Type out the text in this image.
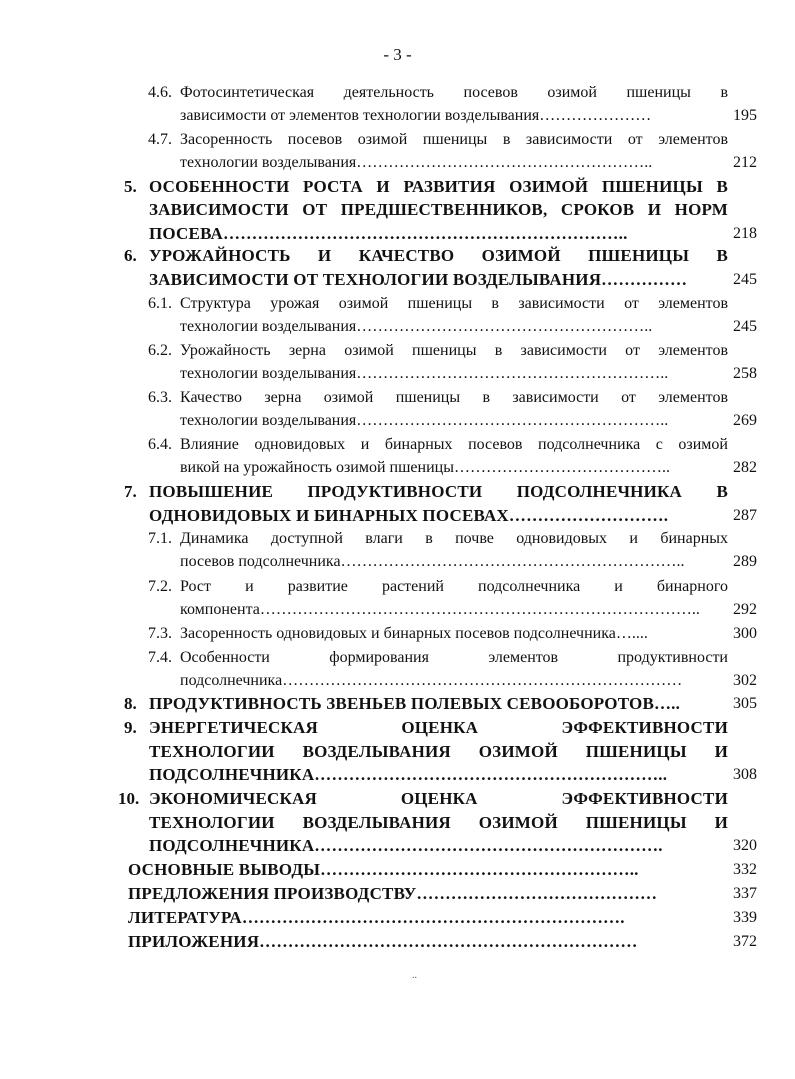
- 3 -
4.6. Фотосинтетическая деятельность посевов озимой пшеницы в
зависимости от элементов технологии возделывания…………………	195
4.7. Засоренность посевов озимой пшеницы в зависимости от элементов
технологии возделывания………………………………………………..	212
5. ОСОБЕННОСТИ РОСТА И РАЗВИТИЯ ОЗИМОЙ ПШЕНИЦЫ В
ЗАВИСИМОСТИ ОТ ПРЕДШЕСТВЕННИКОВ, СРОКОВ И НОРМ
ПОСЕВА……………………………………………………………..	218
6. УРОЖАЙНОСТЬ И КАЧЕСТВО ОЗИМОЙ ПШЕНИЦЫ В
ЗАВИСИМОСТИ ОТ ТЕХНОЛОГИИ ВОЗДЕЛЫВАНИЯ……………	245
6.1. Структура урожая озимой пшеницы в зависимости от элементов
технологии возделывания………………………………………………..	245
6.2. Урожайность зерна озимой пшеницы в зависимости от элементов
технологии возделывания…………………………………………………..	258
6.3. Качество зерна озимой пшеницы в зависимости от элементов
технологии возделывания…………………………………………………..	269
6.4. Влияние одновидовых и бинарных посевов подсолнечника с озимой
викой на урожайность озимой пшеницы…………………………………..	282
7. ПОВЫШЕНИЕ ПРОДУКТИВНОСТИ ПОДСОЛНЕЧНИКА В
ОДНОВИДОВЫХ И БИНАРНЫХ ПОСЕВАХ……………………….	287
7.1. Динамика доступной влаги в почве одновидовых и бинарных
посевов подсолнечника………………………………………………………..	289
7.2. Рост и развитие растений подсолнечника и бинарного
компонента……………………………………………………………………….. 292
7.3. Засоренность одновидовых и бинарных посевов подсолнечника…....	300
7.4. Особенности формирования элементов продуктивности
подсолнечника…………………………………………………………………	302
8. ПРОДУКТИВНОСТЬ ЗВЕНЬЕВ ПОЛЕВЫХ СЕВООБОРОТОВ…..	305
9. ЭНЕРГЕТИЧЕСКАЯ ОЦЕНКА ЭФФЕКТИВНОСТИ
ТЕХНОЛОГИИ ВОЗДЕЛЫВАНИЯ ОЗИМОЙ ПШЕНИЦЫ И
ПОДСОЛНЕЧНИКА……………………………………………………..	308
10. ЭКОНОМИЧЕСКАЯ ОЦЕНКА ЭФФЕКТИВНОСТИ
ТЕХНОЛОГИИ ВОЗДЕЛЫВАНИЯ ОЗИМОЙ ПШЕНИЦЫ И
ПОДСОЛНЕЧНИКА…………………………………………………….	320
ОСНОВНЫЕ ВЫВОДЫ………………………………………………..	332
ПРЕДЛОЖЕНИЯ ПРОИЗВОДСТВУ……………………………………	337
ЛИТЕРАТУРА………………………………………………………….	339
ПРИЛОЖЕНИЯ…………………………………………………………	372
..
